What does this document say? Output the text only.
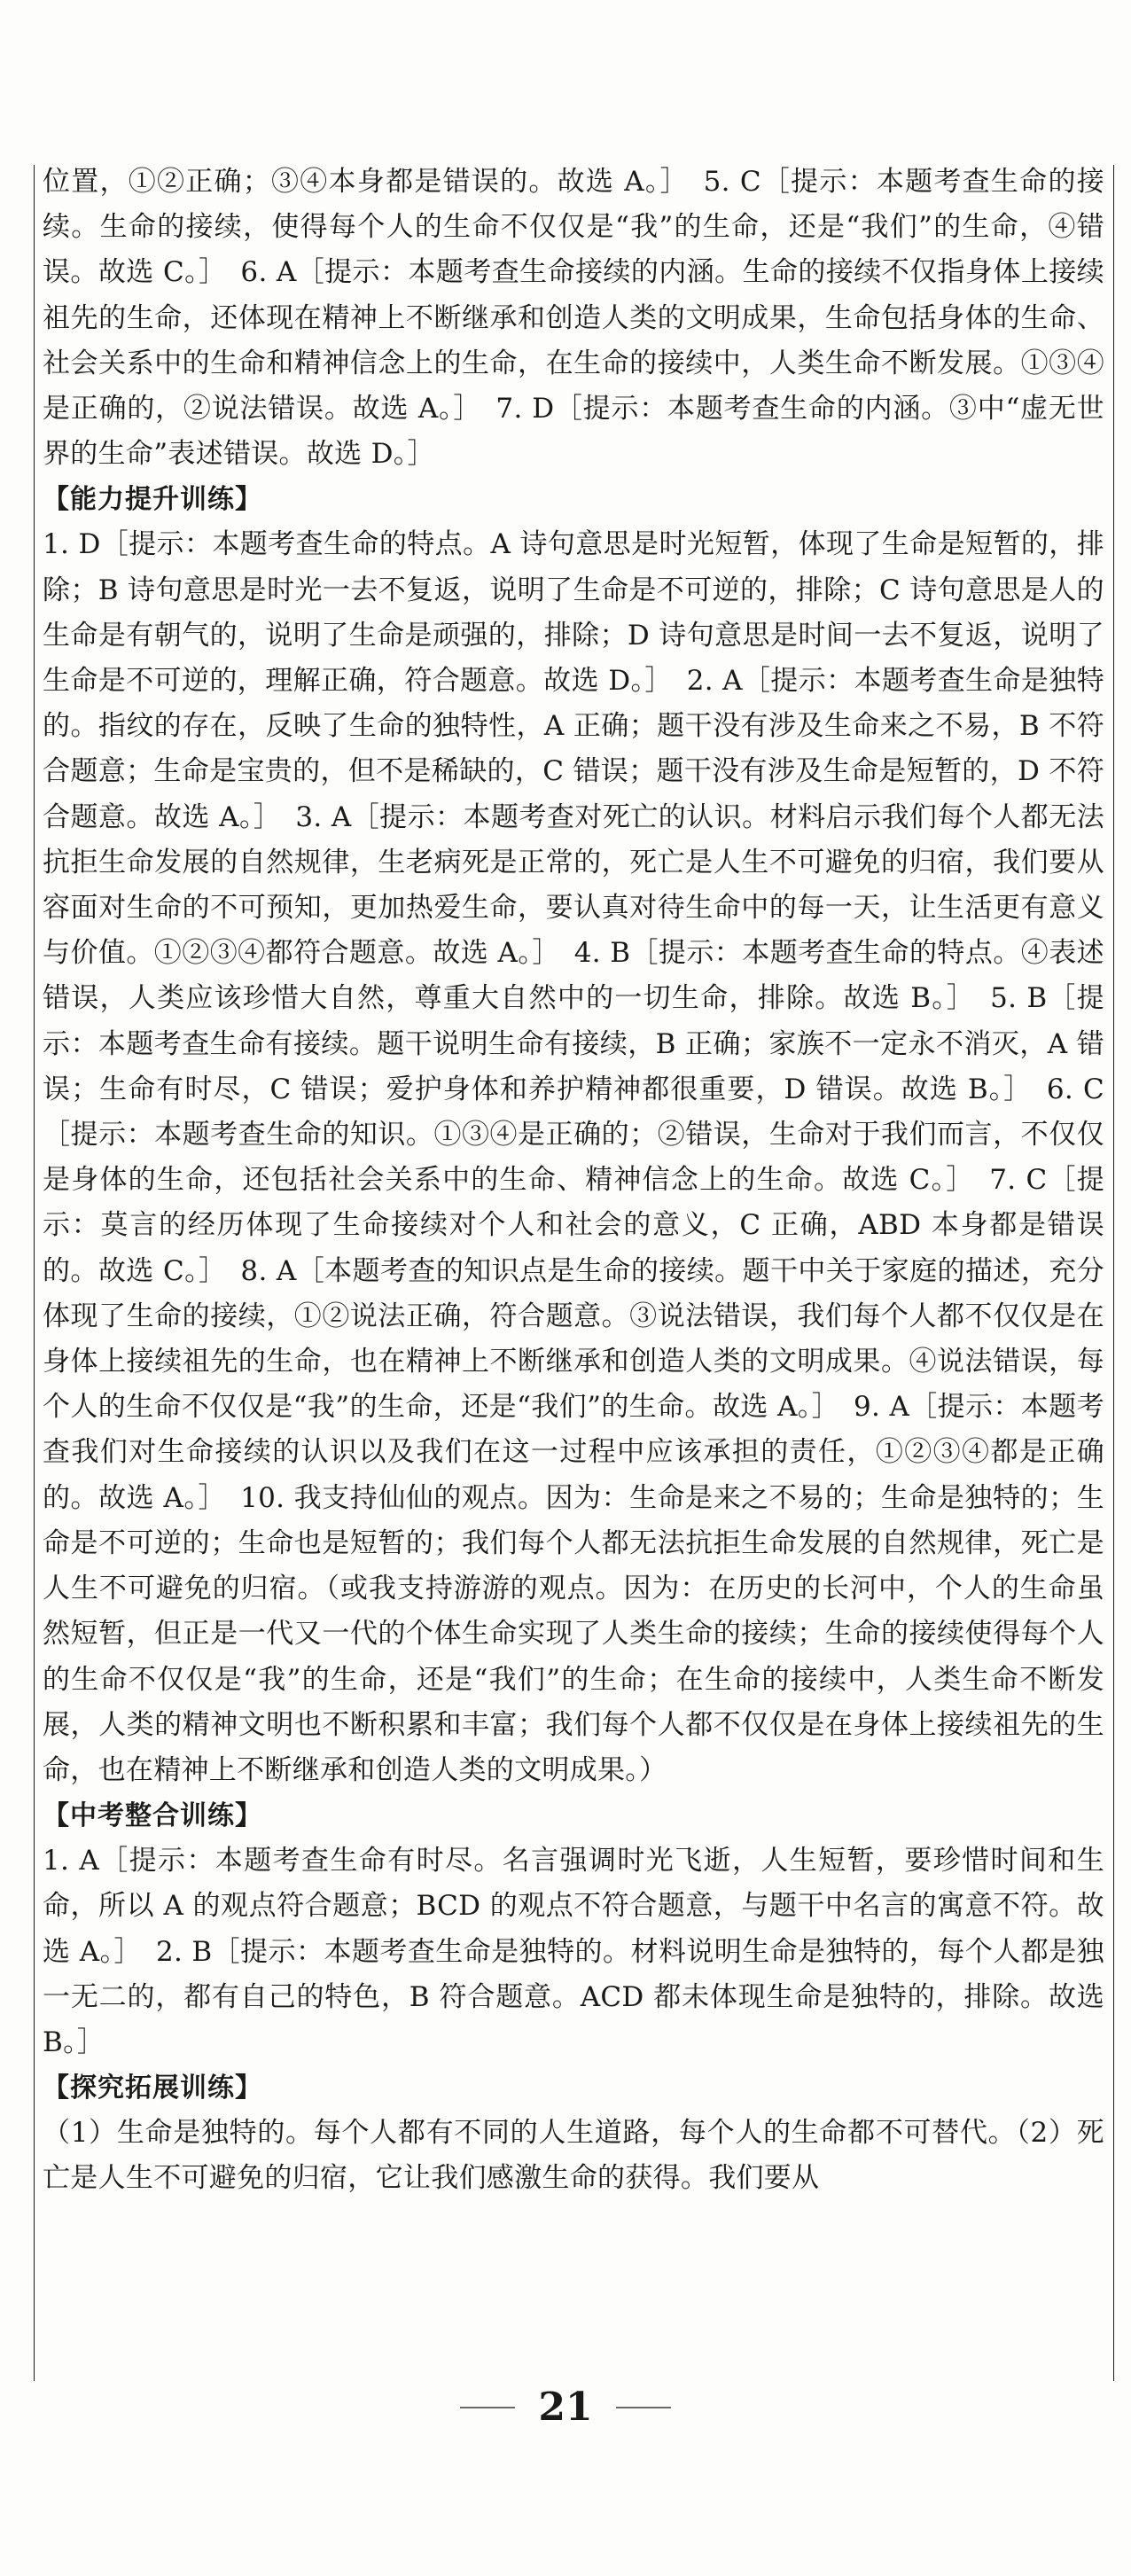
位置，①②正确；③④本身都是错误的。故选 A。］　5. C［提示：本题考查生命的接续。生命的接续，使得每个人的生命不仅仅是“我”的生命，还是“我们”的生命，④错误。故选 C。］　6. A［提示：本题考查生命接续的内涵。生命的接续不仅指身体上接续祖先的生命，还体现在精神上不断继承和创造人类的文明成果，生命包括身体的生命、社会关系中的生命和精神信念上的生命，在生命的接续中，人类生命不断发展。①③④是正确的，②说法错误。故选 A。］　7. D［提示：本题考查生命的内涵。③中“虚无世界的生命”表述错误。故选 D。］

【能力提升训练】

1. D［提示：本题考查生命的特点。A 诗句意思是时光短暂，体现了生命是短暂的，排除；B 诗句意思是时光一去不复返，说明了生命是不可逆的，排除；C 诗句意思是人的生命是有朝气的，说明了生命是顽强的，排除；D 诗句意思是时间一去不复返，说明了生命是不可逆的，理解正确，符合题意。故选 D。］　2. A［提示：本题考查生命是独特的。指纹的存在，反映了生命的独特性，A 正确；题干没有涉及生命来之不易，B 不符合题意；生命是宝贵的，但不是稀缺的，C 错误；题干没有涉及生命是短暂的，D 不符合题意。故选 A。］　3. A［提示：本题考查对死亡的认识。材料启示我们每个人都无法抗拒生命发展的自然规律，生老病死是正常的，死亡是人生不可避免的归宿，我们要从容面对生命的不可预知，更加热爱生命，要认真对待生命中的每一天，让生活更有意义与价值。①②③④都符合题意。故选 A。］　4. B［提示：本题考查生命的特点。④表述错误，人类应该珍惜大自然，尊重大自然中的一切生命，排除。故选 B。］　5. B［提示：本题考查生命有接续。题干说明生命有接续，B 正确；家族不一定永不消灭，A 错误；生命有时尽，C 错误；爱护身体和养护精神都很重要，D 错误。故选 B。］　6. C［提示：本题考查生命的知识。①③④是正确的；②错误，生命对于我们而言，不仅仅是身体的生命，还包括社会关系中的生命、精神信念上的生命。故选 C。］　7. C［提示：莫言的经历体现了生命接续对个人和社会的意义，C 正确，ABD 本身都是错误的。故选 C。］　8. A［本题考查的知识点是生命的接续。题干中关于家庭的描述，充分体现了生命的接续，①②说法正确，符合题意。③说法错误，我们每个人都不仅仅是在身体上接续祖先的生命，也在精神上不断继承和创造人类的文明成果。④说法错误，每个人的生命不仅仅是“我”的生命，还是“我们”的生命。故选 A。］　9. A［提示：本题考查我们对生命接续的认识以及我们在这一过程中应该承担的责任，①②③④都是正确的。故选 A。］　10. 我支持仙仙的观点。因为：生命是来之不易的；生命是独特的；生命是不可逆的；生命也是短暂的；我们每个人都无法抗拒生命发展的自然规律，死亡是人生不可避免的归宿。（或我支持游游的观点。因为：在历史的长河中，个人的生命虽然短暂，但正是一代又一代的个体生命实现了人类生命的接续；生命的接续使得每个人的生命不仅仅是“我”的生命，还是“我们”的生命；在生命的接续中，人类生命不断发展，人类的精神文明也不断积累和丰富；我们每个人都不仅仅是在身体上接续祖先的生命，也在精神上不断继承和创造人类的文明成果。）

【中考整合训练】

1. A［提示：本题考查生命有时尽。名言强调时光飞逝，人生短暂，要珍惜时间和生命，所以 A 的观点符合题意；BCD 的观点不符合题意，与题干中名言的寓意不符。故选 A。］　2. B［提示：本题考查生命是独特的。材料说明生命是独特的，每个人都是独一无二的，都有自己的特色，B 符合题意。ACD 都未体现生命是独特的，排除。故选 B。］

【探究拓展训练】

（1）生命是独特的。每个人都有不同的人生道路，每个人的生命都不可替代。（2）死亡是人生不可避免的归宿，它让我们感激生命的获得。我们要从

21
